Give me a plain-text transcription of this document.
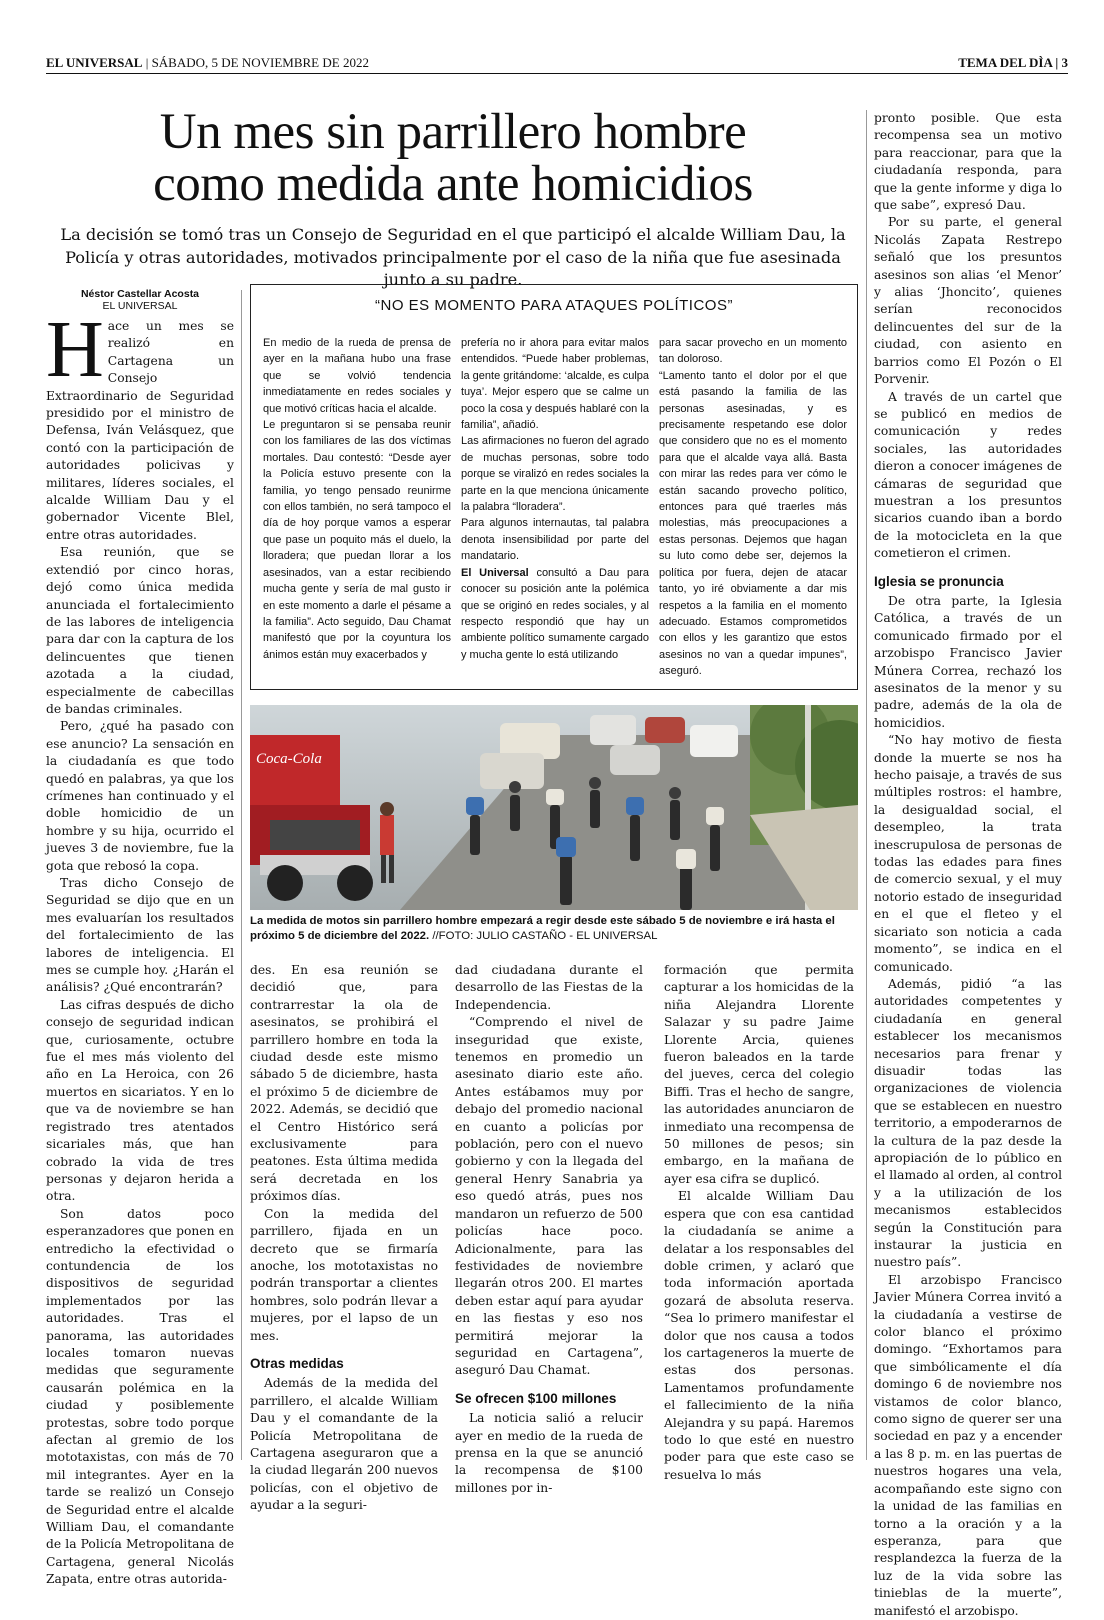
EL UNIVERSAL | SÁBADO, 5 DE NOVIEMBRE DE 2022	TEMA DEL DÌA | 3
Un mes sin parrillero hombre
como medida ante homicidios
La decisión se tomó tras un Consejo de Seguridad en el que participó el alcalde William Dau, la Policía y otras autoridades, motivados principalmente por el caso de la niña que fue asesinada junto a su padre.
Néstor Castellar Acosta
EL UNIVERSAL

Hace un mes se realizó en Cartagena un Consejo Extraordinario de Seguridad presidido por el ministro de Defensa, Iván Velásquez, que contó con la participación de autoridades policivas y militares, líderes sociales, el alcalde William Dau y el gobernador Vicente Blel, entre otras autoridades.

Esa reunión, que se extendió por cinco horas, dejó como única medida anunciada el fortalecimiento de las labores de inteligencia para dar con la captura de los delincuentes que tienen azotada a la ciudad, especialmente de cabecillas de bandas criminales.

Pero, ¿qué ha pasado con ese anuncio? La sensación en la ciudadanía es que todo quedó en palabras, ya que los crímenes han continuado y el doble homicidio de un hombre y su hija, ocurrido el jueves 3 de noviembre, fue la gota que rebosó la copa.

Tras dicho Consejo de Seguridad se dijo que en un mes evaluarían los resultados del fortalecimiento de las labores de inteligencia. El mes se cumple hoy. ¿Harán el análisis? ¿Qué encontrarán?

Las cifras después de dicho consejo de seguridad indican que, curiosamente, octubre fue el mes más violento del año en La Heroica, con 26 muertos en sicariatos. Y en lo que va de noviembre se han registrado tres atentados sicariales más, que han cobrado la vida de tres personas y dejaron herida a otra.

Son datos poco esperanzadores que ponen en entredicho la efectividad o contundencia de los dispositivos de seguridad implementados por las autoridades. Tras el panorama, las autoridades locales tomaron nuevas medidas que seguramente causarán polémica en la ciudad y posiblemente protestas, sobre todo porque afectan al gremio de los mototaxistas, con más de 70 mil integrantes. Ayer en la tarde se realizó un Consejo de Seguridad entre el alcalde William Dau, el comandante de la Policía Metropolitana de Cartagena, general Nicolás Zapata, entre otras autorida-

“NO ES MOMENTO PARA ATAQUES POLÍTICOS”

En medio de la rueda de prensa de ayer en la mañana hubo una frase que se volvió tendencia inmediatamente en redes sociales y que motivó críticas hacia el alcalde.

Le preguntaron si se pensaba reunir con los familiares de las dos víctimas mortales. Dau contestó: “Desde ayer la Policía estuvo presente con la familia, yo tengo pensado reunirme con ellos también, no será tampoco el día de hoy porque vamos a esperar que pase un poquito más el duelo, la lloradera; que puedan llorar a los asesinados, van a estar recibiendo mucha gente y sería de mal gusto ir en este momento a darle el pésame a la familia”. Acto seguido, Dau Chamat manifestó que por la coyuntura los ánimos están muy exacerbados y

prefería no ir ahora para evitar malos entendidos. “Puede haber problemas, la gente gritándome: ‘alcalde, es culpa tuya’. Mejor espero que se calme un poco la cosa y después hablaré con la familia”, añadió.

Las afirmaciones no fueron del agrado de muchas personas, sobre todo porque se viralizó en redes sociales la parte en la que menciona únicamente la palabra “lloradera”.

Para algunos internautas, tal palabra denota insensibilidad por parte del mandatario.

El Universal consultó a Dau para conocer su posición ante la polémica que se originó en redes sociales, y al respecto respondió que hay un ambiente político sumamente cargado y mucha gente lo está utilizando

para sacar provecho en un momento tan doloroso.

“Lamento tanto el dolor por el que está pasando la familia de las personas asesinadas, y es precisamente respetando ese dolor que considero que no es el momento para que el alcalde vaya allá. Basta con mirar las redes para ver cómo le están sacando provecho político, entonces para qué traerles más molestias, más preocupaciones a estas personas. Dejemos que hagan su luto como debe ser, dejemos la política por fuera, dejen de atacar tanto, yo iré obviamente a dar mis respetos a la familia en el momento adecuado. Estamos comprometidos con ellos y les garantizo que estos asesinos no van a quedar impunes”, aseguró.

Coca-Cola
La medida de motos sin parrillero hombre empezará a regir desde este sábado 5 de noviembre e irá hasta el próximo 5 de diciembre del 2022. //FOTO: JULIO CASTAÑO - EL UNIVERSAL

des. En esa reunión se decidió que, para contrarrestar la ola de asesinatos, se prohibirá el parrillero hombre en toda la ciudad desde este mismo sábado 5 de diciembre, hasta el próximo 5 de diciembre de 2022. Además, se decidió que el Centro Histórico será exclusivamente para peatones. Esta última medida será decretada en los próximos días.

Con la medida del parrillero, fijada en un decreto que se firmaría anoche, los mototaxistas no podrán transportar a clientes hombres, solo podrán llevar a mujeres, por el lapso de un mes.

Otras medidas

Además de la medida del parrillero, el alcalde William Dau y el comandante de la Policía Metropolitana de Cartagena aseguraron que a la ciudad llegarán 200 nuevos policías, con el objetivo de ayudar a la seguri-

dad ciudadana durante el desarrollo de las Fiestas de la Independencia.

“Comprendo el nivel de inseguridad que existe, tenemos en promedio un asesinato diario este año. Antes estábamos muy por debajo del promedio nacional en cuanto a policías por población, pero con el nuevo gobierno y con la llegada del general Henry Sanabria ya eso quedó atrás, pues nos mandaron un refuerzo de 500 policías hace poco. Adicionalmente, para las festividades de noviembre llegarán otros 200. El martes deben estar aquí para ayudar en las fiestas y eso nos permitirá mejorar la seguridad en Cartagena”, aseguró Dau Chamat.

Se ofrecen $100 millones

La noticia salió a relucir ayer en medio de la rueda de prensa en la que se anunció la recompensa de $100 millones por in-

formación que permita capturar a los homicidas de la niña Alejandra Llorente Salazar y su padre Jaime Llorente Arcia, quienes fueron baleados en la tarde del jueves, cerca del colegio Biffi. Tras el hecho de sangre, las autoridades anunciaron de inmediato una recompensa de 50 millones de pesos; sin embargo, en la mañana de ayer esa cifra se duplicó.

El alcalde William Dau espera que con esa cantidad la ciudadanía se anime a delatar a los responsables del doble crimen, y aclaró que toda información aportada gozará de absoluta reserva. “Sea lo primero manifestar el dolor que nos causa a todos los cartageneros la muerte de estas dos personas. Lamentamos profundamente el fallecimiento de la niña Alejandra y su papá. Haremos todo lo que esté en nuestro poder para que este caso se resuelva lo más

pronto posible. Que esta recompensa sea un motivo para reaccionar, para que la ciudadanía responda, para que la gente informe y diga lo que sabe”, expresó Dau.

Por su parte, el general Nicolás Zapata Restrepo señaló que los presuntos asesinos son alias ‘el Menor’ y alias ‘Jhoncito’, quienes serían reconocidos delincuentes del sur de la ciudad, con asiento en barrios como El Pozón o El Porvenir.

A través de un cartel que se publicó en medios de comunicación y redes sociales, las autoridades dieron a conocer imágenes de cámaras de seguridad que muestran a los presuntos sicarios cuando iban a bordo de la motocicleta en la que cometieron el crimen.

Iglesia se pronuncia

De otra parte, la Iglesia Católica, a través de un comunicado firmado por el arzobispo Francisco Javier Múnera Correa, rechazó los asesinatos de la menor y su padre, además de la ola de homicidios.

“No hay motivo de fiesta donde la muerte se nos ha hecho paisaje, a través de sus múltiples rostros: el hambre, la desigualdad social, el desempleo, la trata inescrupulosa de personas de todas las edades para fines de comercio sexual, y el muy notorio estado de inseguridad en el que el fleteo y el sicariato son noticia a cada momento”, se indica en el comunicado.

Además, pidió “a las autoridades competentes y ciudadanía en general establecer los mecanismos necesarios para frenar y disuadir todas las organizaciones de violencia que se establecen en nuestro territorio, a empoderarnos de la cultura de la paz desde la apropiación de lo público en el llamado al orden, al control y a la utilización de los mecanismos establecidos según la Constitución para instaurar la justicia en nuestro país”.

El arzobispo Francisco Javier Múnera Correa invitó a la ciudadanía a vestirse de color blanco el próximo domingo. “Exhortamos para que simbólicamente el día domingo 6 de noviembre nos vistamos de color blanco, como signo de querer ser una sociedad en paz y a encender a las 8 p. m. en las puertas de nuestros hogares una vela, acompañando este signo con la unidad de las familias en torno a la oración y a la esperanza, para que resplandezca la fuerza de la luz de la vida sobre las tinieblas de la muerte”, manifestó el arzobispo.
